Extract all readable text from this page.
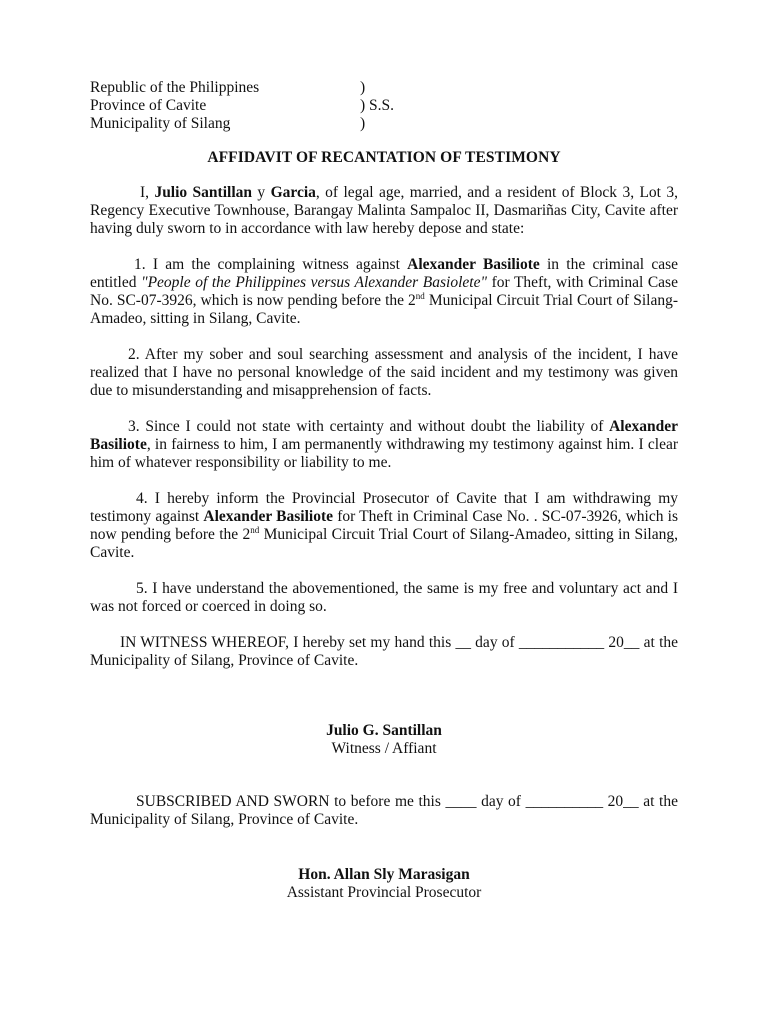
Republic of the Philippines	)
Province of Cavite	) S.S.
Municipality of Silang	)
AFFIDAVIT OF RECANTATION OF TESTIMONY

I, Julio Santillan y Garcia, of legal age, married, and a resident of Block 3, Lot 3, Regency Executive Townhouse, Barangay Malinta Sampaloc II, Dasmariñas City, Cavite after having duly sworn to in accordance with law hereby depose and state:

1. I am the complaining witness against Alexander Basiliote in the criminal case entitled "People of the Philippines versus Alexander Basiolete" for Theft, with Criminal Case No. SC-07-3926, which is now pending before the 2nd Municipal Circuit Trial Court of Silang-Amadeo, sitting in Silang, Cavite.

2. After my sober and soul searching assessment and analysis of the incident, I have realized that I have no personal knowledge of the said incident and my testimony was given due to misunderstanding and misapprehension of facts.

3. Since I could not state with certainty and without doubt the liability of Alexander Basiliote, in fairness to him, I am permanently withdrawing my testimony against him. I clear him of whatever responsibility or liability to me.

4. I hereby inform the Provincial Prosecutor of Cavite that I am withdrawing my testimony against Alexander Basiliote for Theft in Criminal Case No. . SC-07-3926, which is now pending before the 2nd Municipal Circuit Trial Court of Silang-Amadeo, sitting in Silang, Cavite.

5. I have understand the abovementioned, the same is my free and voluntary act and I was not forced or coerced in doing so.

IN WITNESS WHEREOF, I hereby set my hand this __ day of ___________ 20__ at the Municipality of Silang, Province of Cavite.

Julio G. Santillan
Witness / Affiant

SUBSCRIBED AND SWORN to before me this ____ day of __________ 20__ at the Municipality of Silang, Province of Cavite.

Hon. Allan Sly Marasigan
Assistant Provincial Prosecutor
